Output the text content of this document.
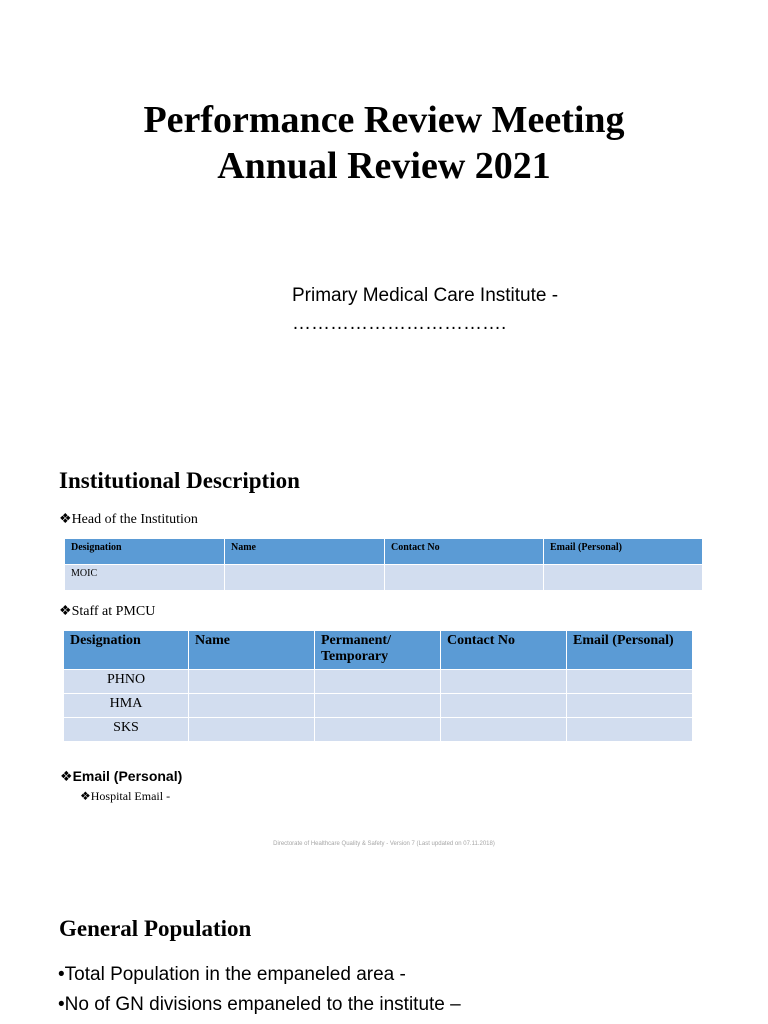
Performance Review Meeting
Annual Review 2021
Primary Medical Care Institute -
…………………………….
Institutional Description
❖Head of the Institution
Designation	Name	Contact No	Email (Personal)
MOIC			
❖Staff at PMCU
Designation	Name	Permanent/ Temporary	Contact No	Email (Personal)
PHNO				
HMA				
SKS				
❖Email (Personal)
❖Hospital Email -
Directorate of Healthcare Quality & Safety - Version 7 (Last updated on 07.11.2018)
General Population
•Total Population in the empaneled area -
•No of GN divisions empaneled to the institute –
